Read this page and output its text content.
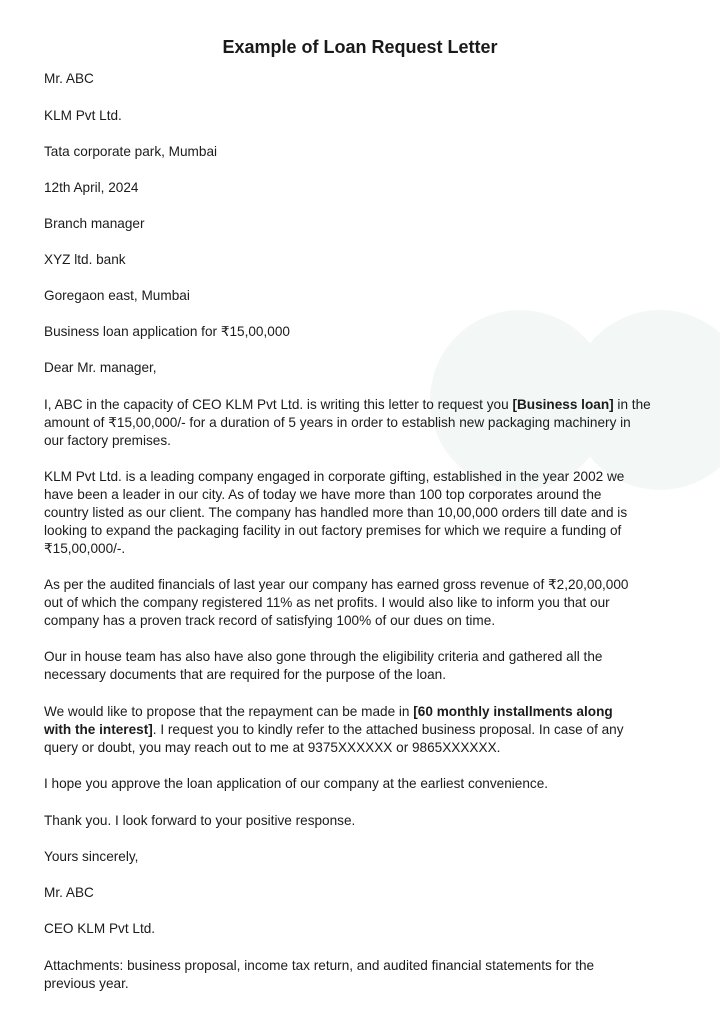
Example of Loan Request Letter
Mr. ABC
KLM Pvt Ltd.
Tata corporate park, Mumbai
12th April, 2024
Branch manager
XYZ ltd. bank
Goregaon east, Mumbai
Business loan application for ₹15,00,000
Dear Mr. manager,
I, ABC in the capacity of CEO KLM Pvt Ltd. is writing this letter to request you [Business loan] in the
amount of ₹15,00,000/- for a duration of 5 years in order to establish new packaging machinery in
our factory premises.
KLM Pvt Ltd. is a leading company engaged in corporate gifting, established in the year 2002 we
have been a leader in our city. As of today we have more than 100 top corporates around the
country listed as our client. The company has handled more than 10,00,000 orders till date and is
looking to expand the packaging facility in out factory premises for which we require a funding of
₹15,00,000/-.
As per the audited financials of last year our company has earned gross revenue of ₹2,20,00,000
out of which the company registered 11% as net profits. I would also like to inform you that our
company has a proven track record of satisfying 100% of our dues on time.
Our in house team has also have also gone through the eligibility criteria and gathered all the
necessary documents that are required for the purpose of the loan.
We would like to propose that the repayment can be made in [60 monthly installments along
with the interest]. I request you to kindly refer to the attached business proposal. In case of any
query or doubt, you may reach out to me at 9375XXXXXX or 9865XXXXXX.
I hope you approve the loan application of our company at the earliest convenience.
Thank you. I look forward to your positive response.
Yours sincerely,
Mr. ABC
CEO KLM Pvt Ltd.
Attachments: business proposal, income tax return, and audited financial statements for the
previous year.
